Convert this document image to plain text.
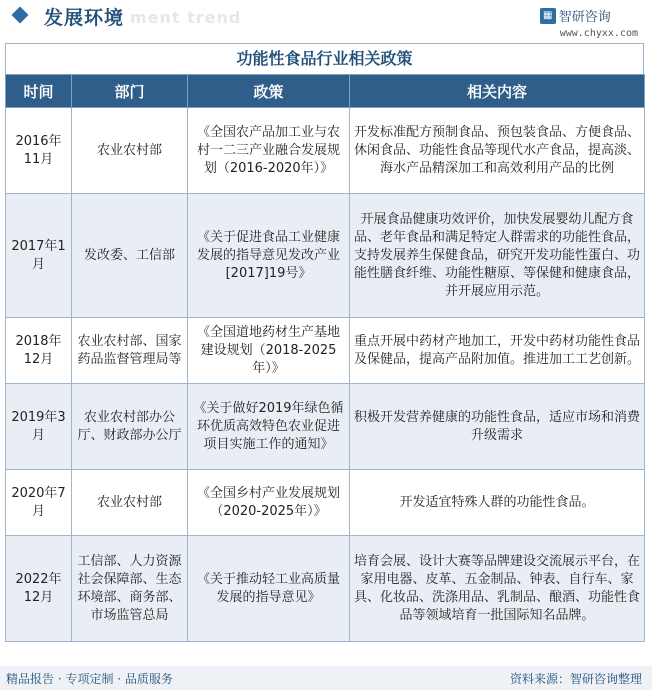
ment trend
发展环境	▦ 智研咨询
www.chyxx.com
功能性食品行业相关政策
时间	部门	政策	相关内容
2016年11月	农业农村部	《全国农产品加工业与农村一二三产业融合发展规划（2016-2020年）》	开发标准配方预制食品、预包装食品、方便食品、休闲食品、功能性食品等现代水产食品，提高淡、海水产品精深加工和高效利用产品的比例
2017年1月	发改委、工信部	《关于促进食品工业健康发展的指导意见发改产业[2017]19号》	开展食品健康功效评价，加快发展婴幼儿配方食品、老年食品和满足特定人群需求的功能性食品，支持发展养生保健食品，研究开发功能性蛋白、功能性膳食纤维、功能性糖原、等保健和健康食品，并开展应用示范。
2018年12月	农业农村部、国家药品监督管理局等	《全国道地药材生产基地建设规划（2018-2025年）》	重点开展中药材产地加工，开发中药材功能性食品及保健品，提高产品附加值。推进加工工艺创新。
2019年3月	农业农村部办公厅、财政部办公厅	《关于做好2019年绿色循环优质高效特色农业促进项目实施工作的通知》	积极开发营养健康的功能性食品，适应市场和消费升级需求
2020年7月	农业农村部	《全国乡村产业发展规划（2020-2025年）》	开发适宜特殊人群的功能性食品。
2022年12月	工信部、人力资源社会保障部、生态环境部、商务部、市场监管总局	《关于推动轻工业高质量发展的指导意见》	培育会展、设计大赛等品牌建设交流展示平台，在家用电器、皮革、五金制品、钟表、自行车、家具、化妆品、洗涤用品、乳制品、酿酒、功能性食品等领域培育一批国际知名品牌。
精品报告 · 专项定制 · 品质服务	资料来源：智研咨询整理
